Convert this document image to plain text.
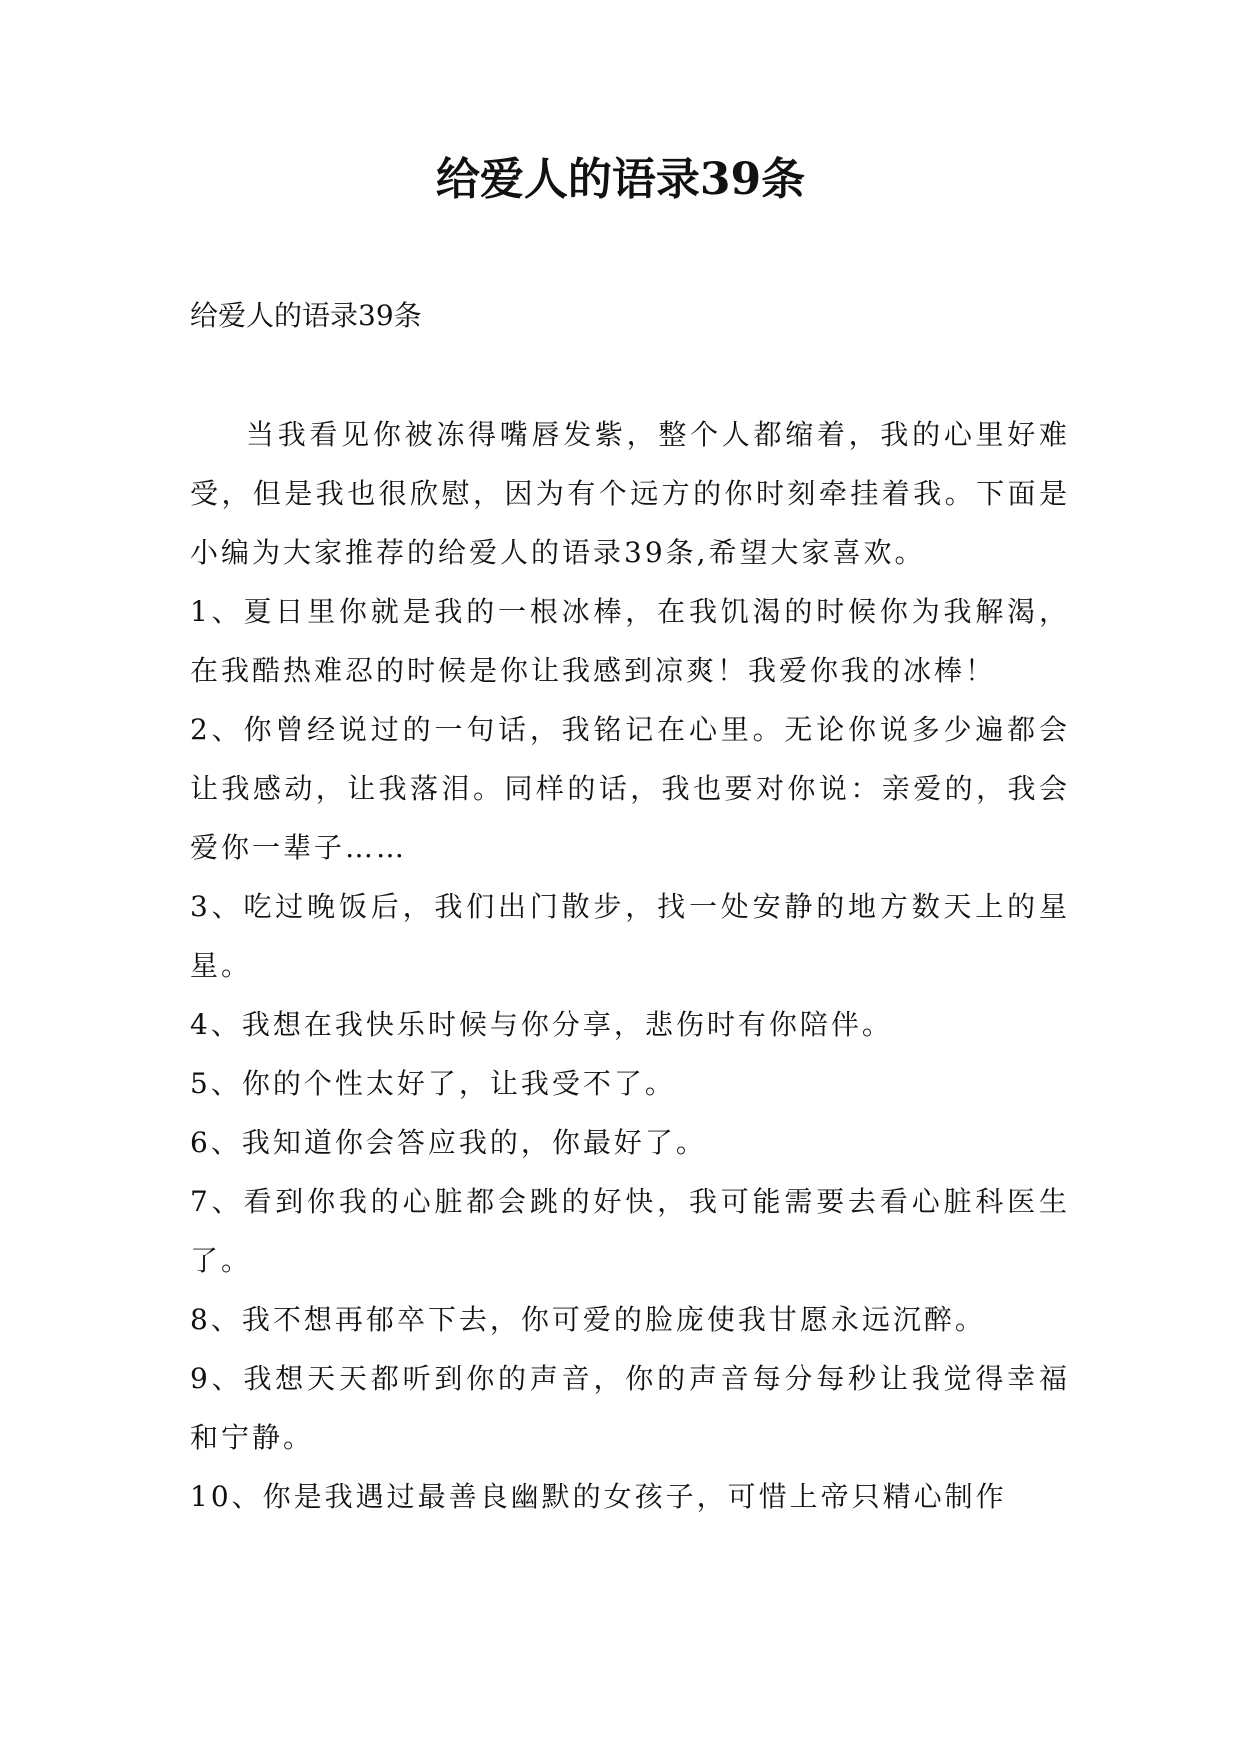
给爱人的语录39条

给爱人的语录39条

当我看见你被冻得嘴唇发紫，整个人都缩着，我的心里好难受，但是我也很欣慰，因为有个远方的你时刻牵挂着我。下面是小编为大家推荐的给爱人的语录39条,希望大家喜欢。

1、夏日里你就是我的一根冰棒，在我饥渴的时候你为我解渴，在我酷热难忍的时候是你让我感到凉爽！我爱你我的冰棒！

2、你曾经说过的一句话，我铭记在心里。无论你说多少遍都会让我感动，让我落泪。同样的话，我也要对你说：亲爱的，我会爱你一辈子……

3、吃过晚饭后，我们出门散步，找一处安静的地方数天上的星星。

4、我想在我快乐时候与你分享，悲伤时有你陪伴。

5、你的个性太好了，让我受不了。

6、我知道你会答应我的，你最好了。

7、看到你我的心脏都会跳的好快，我可能需要去看心脏科医生了。

8、我不想再郁卒下去，你可爱的脸庞使我甘愿永远沉醉。

9、我想天天都听到你的声音，你的声音每分每秒让我觉得幸福和宁静。

10、你是我遇过最善良幽默的女孩子，可惜上帝只精心制作
